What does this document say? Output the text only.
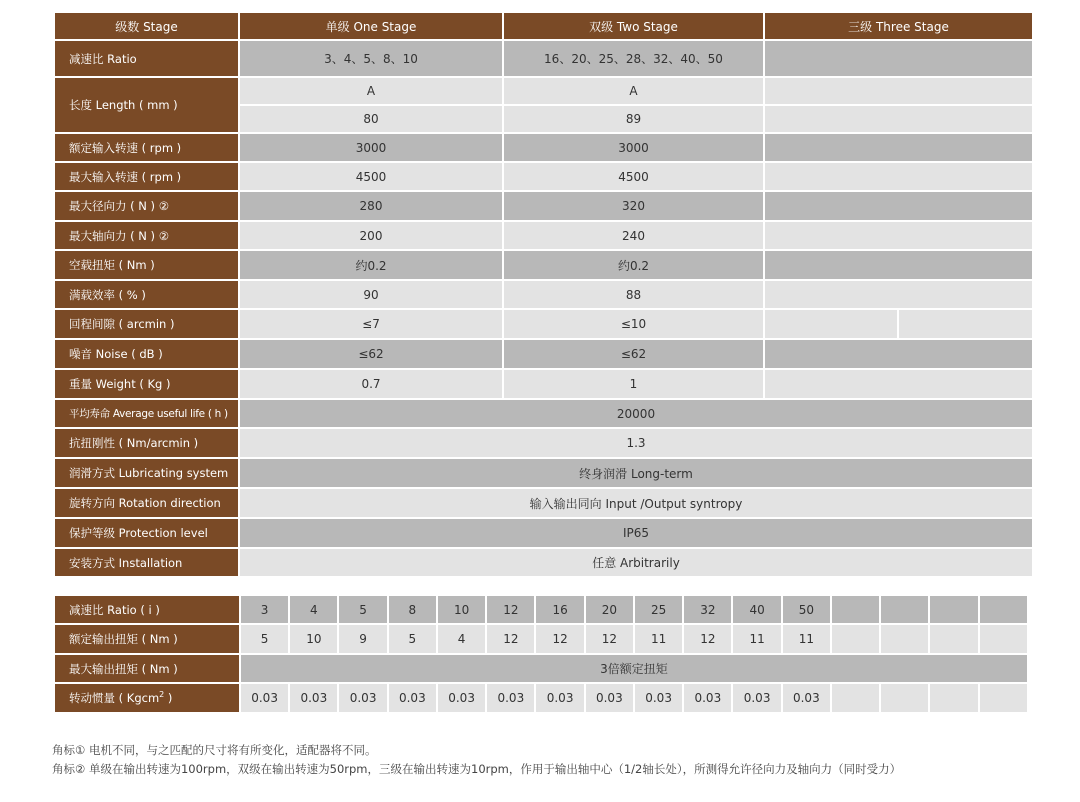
级数 Stage	单级 One Stage	双级 Two Stage	三级 Three Stage	
减速比 Ratio	3、4、5、8、10	16、20、25、28、32、40、50		
长度 Length ( mm )	A	A		
	80	89		
额定输入转速 ( rpm )	3000	3000		
最大输入转速 ( rpm )	4500	4500		
最大径向力 ( N ) ②	280	320		
最大轴向力 ( N ) ②	200	240		
空载扭矩 ( Nm )	约0.2	约0.2		
满载效率 ( % )	90	88		
回程间隙 ( arcmin )	≤7	≤10		
噪音 Noise ( dB )	≤62	≤62		
重量 Weight ( Kg )	0.7	1		
平均寿命 Average useful life ( h )	20000			
抗扭刚性 ( Nm/arcmin )	1.3			
润滑方式 Lubricating system	终身润滑 Long-term			
旋转方向 Rotation direction	输入输出同向 Input /Output syntropy			
保护等级 Protection level	IP65			
安装方式 Installation	任意 Arbitrarily			
减速比 Ratio ( i )	3	4	5	8	10	12	16	20	25	32	40	50				
额定输出扭矩 ( Nm )	5	10	9	5	4	12	12	12	11	12	11	11				
最大输出扭矩 ( Nm )	3倍额定扭矩															
转动惯量 ( Kgcm$^2$ )	0.03	0.03	0.03	0.03	0.03	0.03	0.03	0.03	0.03	0.03	0.03	0.03				
角标① 电机不同，与之匹配的尺寸将有所变化，适配器将不同。
角标② 单级在输出转速为100rpm，双级在输出转速为50rpm，三级在输出转速为10rpm，作用于输出轴中心（1/2轴长处），所测得允许径向力及轴向力（同时受力）
